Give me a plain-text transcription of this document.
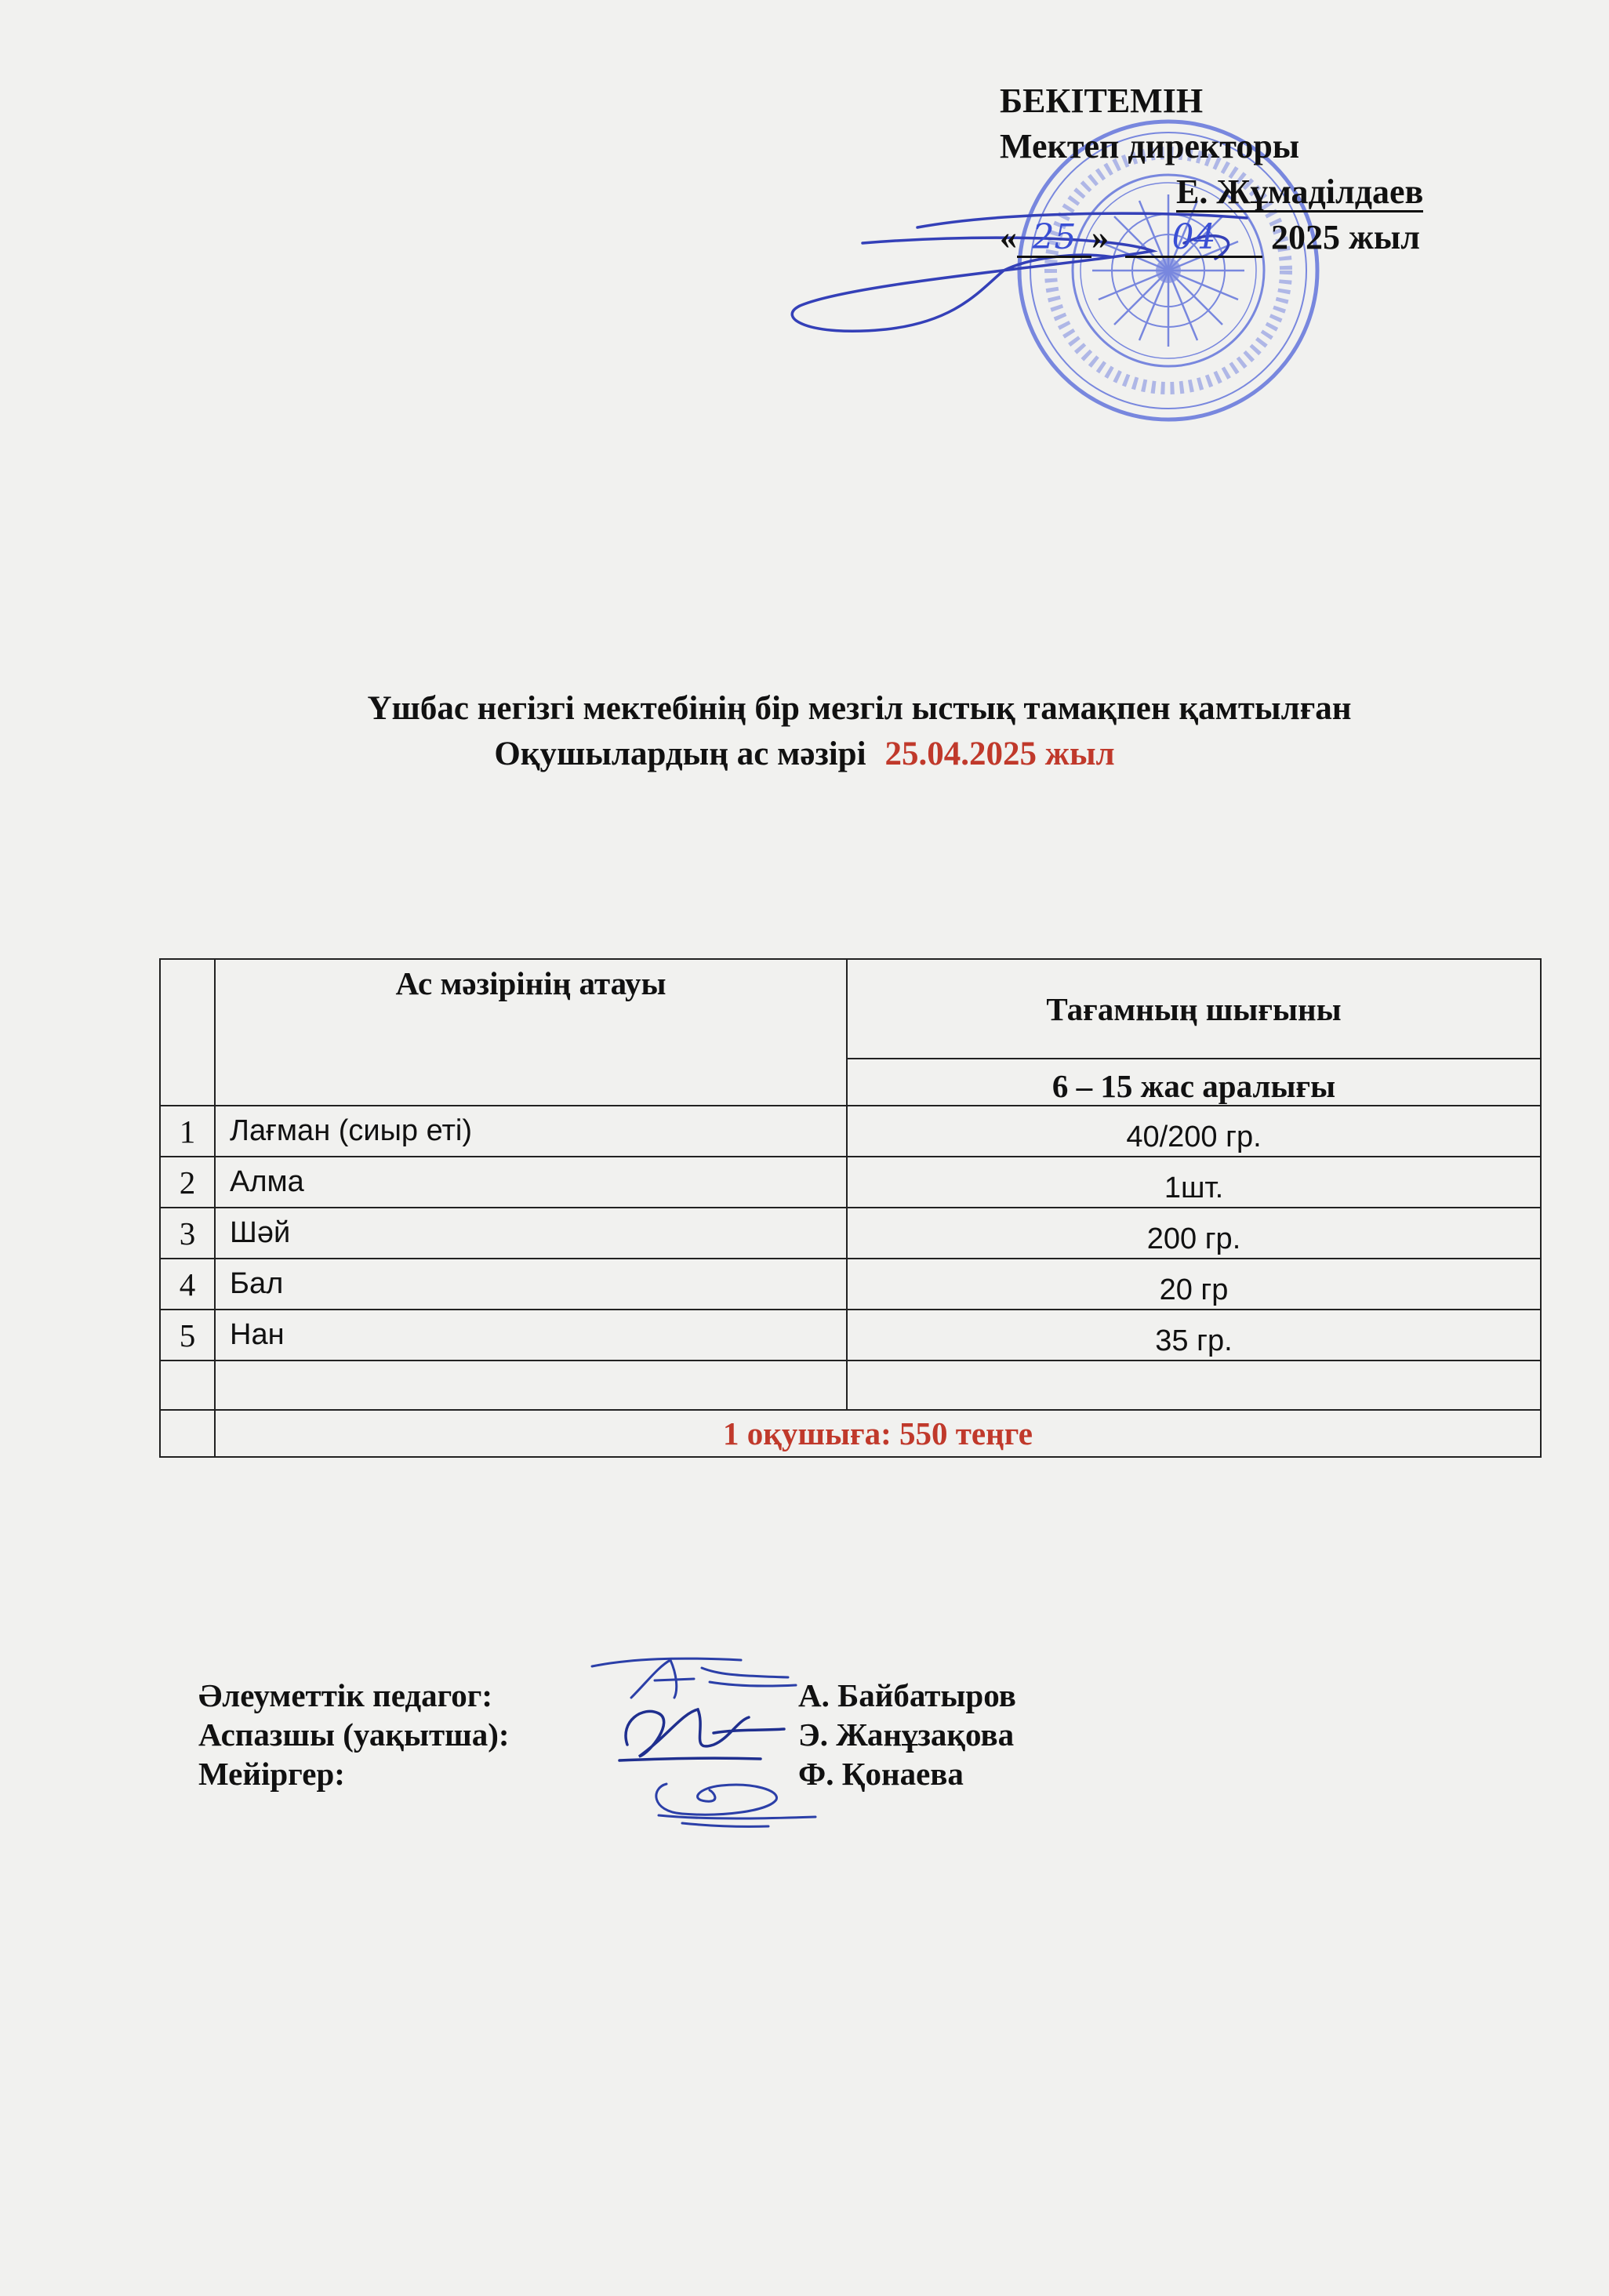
БЕКІТЕМІН
Мектеп директоры
Е. Жұмаділдаев
« 25 » 04 2025 жыл
Үшбас негізгі мектебінің бір мезгіл ыстық тамақпен қамтылған
Оқушылардың ас мәзірі 25.04.2025 жыл
	Ас мәзірінің атауы	Тағамның шығыны
		6 – 15 жас аралығы
1	Лағман (сиыр еті)	40/200 гр.
2	Алма	1шт.
3	Шәй	200 гр.
4	Бал	20 гр
5	Нан	35 гр.

	1 оқушыға: 550 теңге	
Әлеуметтік педагог:	А. Байбатыров
Аспазшы (уақытша):	Э. Жанұзақова
Мейіргер:	Ф. Қонаева
